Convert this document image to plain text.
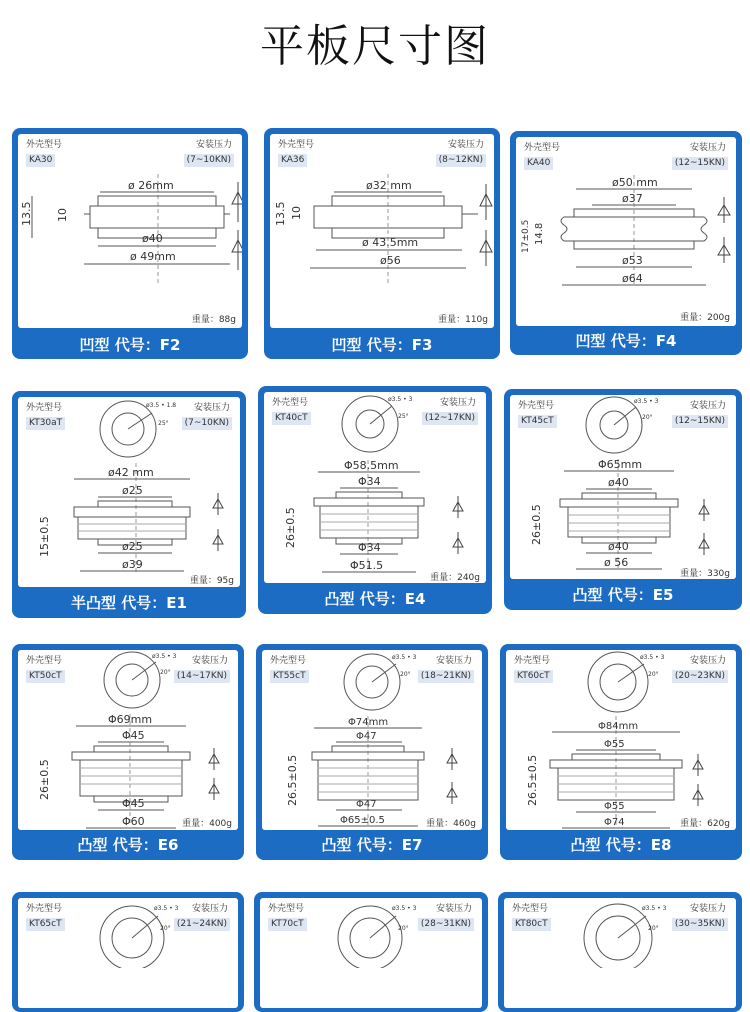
平板尺寸图
外壳型号
KA30
安装压力
(7~10KN)
ø 26mm
ø40
ø 49mm
13.5 10
重量：88g
凹型 代号：F2
外壳型号
KA36
安装压力
(8~12KN)
ø32 mm
ø 43.5mm
ø56
13.5 10
重量：110g
凹型 代号：F3
外壳型号
KA40
安装压力
(12~15KN)
ø50 mm
ø37
ø53
ø64
17±0.5 14.8
重量：200g
凹型 代号：F4
外壳型号
KT30aT
安装压力
(7~10KN)
ø3.5 • 1.8
25°
ø42 mm
ø25
ø25
ø39
15±0.5
重量：95g
半凸型 代号：E1
外壳型号
KT40cT
安装压力
(12~17KN)
ø3.5 • 3
25°
Φ58.5mm
Φ34
Φ34
Φ51.5
26±0.5
重量：240g
凸型 代号：E4
外壳型号
KT45cT
安装压力
(12~15KN)
ø3.5 • 3
20°
Φ65mm
ø40
ø40
ø 56
26±0.5
重量：330g
凸型 代号：E5
外壳型号
KT50cT
安装压力
(14~17KN)
ø3.5 • 3
20°
Φ69mm
Φ45
Φ45
Φ60
26±0.5
重量：400g
凸型 代号：E6
外壳型号
KT55cT
安装压力
(18~21KN)
ø3.5 • 3
20°
Φ74mm
Φ47
Φ47
Φ65±0.5
26.5±0.5
重量：460g
凸型 代号：E7
外壳型号
KT60cT
安装压力
(20~23KN)
ø3.5 • 3
20°
Φ84mm
Φ55
Φ55
Φ74
26.5±0.5
重量：620g
凸型 代号：E8
外壳型号
KT65cT
安装压力
(21~24KN)
ø3.5 • 3
20°
外壳型号
KT70cT
安装压力
(28~31KN)
ø3.5 • 3
20°
外壳型号
KT80cT
安装压力
(30~35KN)
ø3.5 • 3
20°
